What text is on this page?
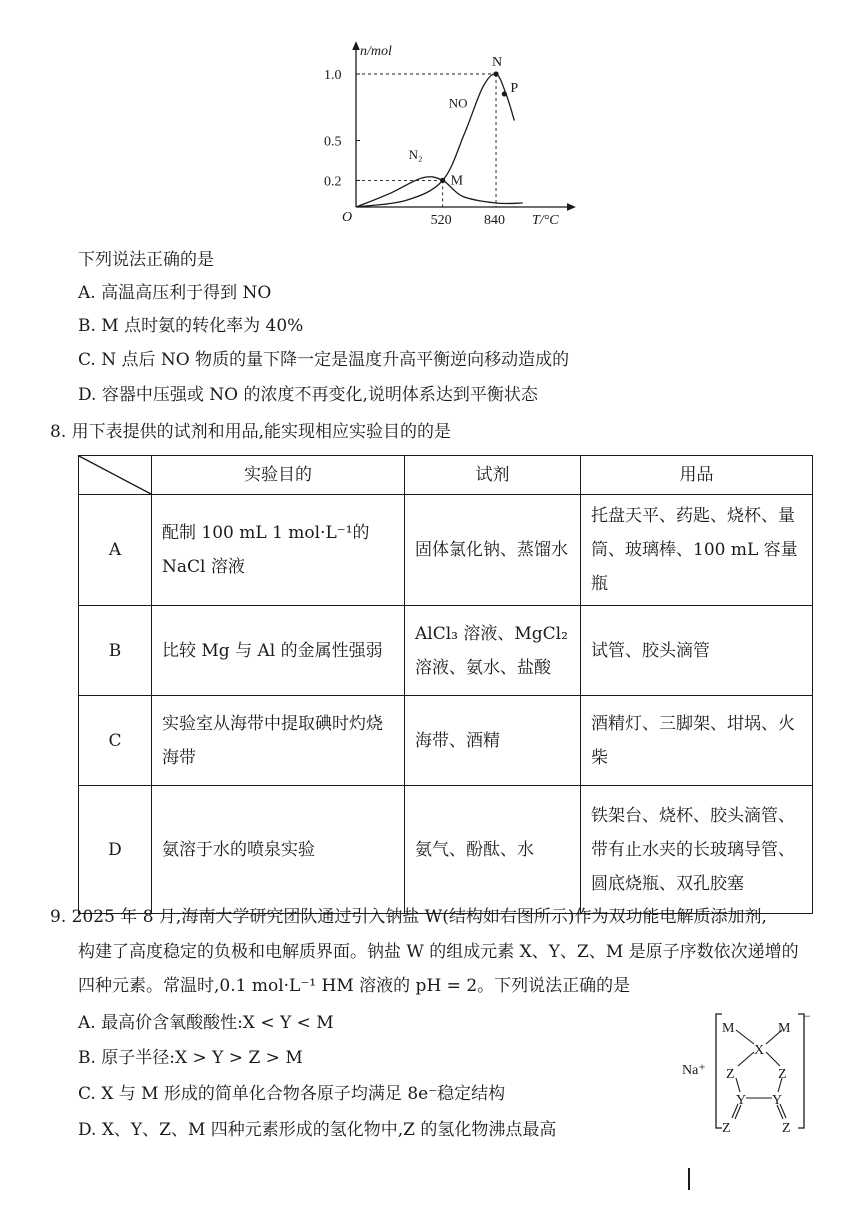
n/mol
T/°C
O
0.2
0.5
1.0
520 840
NO
N₂
M
N
P
下列说法正确的是
A. 高温高压利于得到 NO
B. M 点时氨的转化率为 40%
C. N 点后 NO 物质的量下降一定是温度升高平衡逆向移动造成的
D. 容器中压强或 NO 的浓度不再变化,说明体系达到平衡状态
8. 用下表提供的试剂和用品,能实现相应实验目的的是
	实验目的	试剂	用品
A	配制 100 mL 1 mol·L⁻¹的 NaCl 溶液	固体氯化钠、蒸馏水	托盘天平、药匙、烧杯、量筒、玻璃棒、100 mL 容量瓶
B	比较 Mg 与 Al 的金属性强弱	AlCl₃ 溶液、MgCl₂ 溶液、氨水、盐酸	试管、胶头滴管
C	实验室从海带中提取碘时灼烧海带	海带、酒精	酒精灯、三脚架、坩埚、火柴
D	氨溶于水的喷泉实验	氨气、酚酞、水	铁架台、烧杯、胶头滴管、带有止水夹的长玻璃导管、圆底烧瓶、双孔胶塞
9. 2025 年 8 月,海南大学研究团队通过引入钠盐 W(结构如右图所示)作为双功能电解质添加剂,
构建了高度稳定的负极和电解质界面。钠盐 W 的组成元素 X、Y、Z、M 是原子序数依次递增的
四种元素。常温时,0.1 mol·L⁻¹ HM 溶液的 pH = 2。下列说法正确的是
A. 最高价含氧酸酸性:X < Y < M
B. 原子半径:X > Y > Z > M
C. X 与 M 形成的简单化合物各原子均满足 8e⁻稳定结构
D. X、Y、Z、M 四种元素形成的氢化物中,Z 的氢化物沸点最高
Na⁺
−
M	M
X
Z	Z
Y Y
Z	Z
